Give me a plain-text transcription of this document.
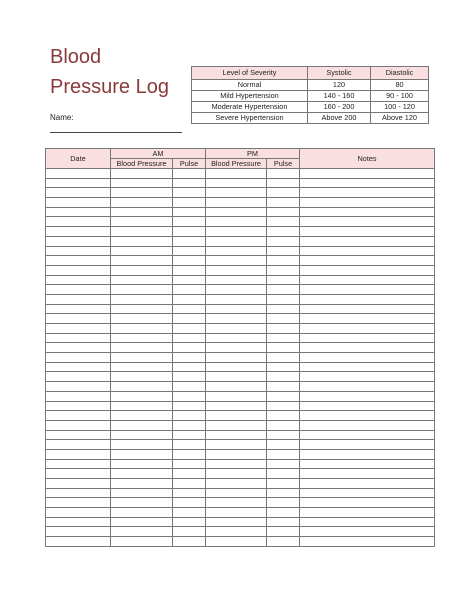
Blood
Pressure Log
Name:
Level of Severity	Systolic	Diastolic
Normal	120	80
Mild Hypertension	140 - 160	90 - 100
Moderate Hypertension	160 - 200	100 - 120
Severe Hypertension	Above 200	Above 120
Date	AM		PM		Notes
	Blood Pressure	Pulse	Blood Pressure	Pulse	
